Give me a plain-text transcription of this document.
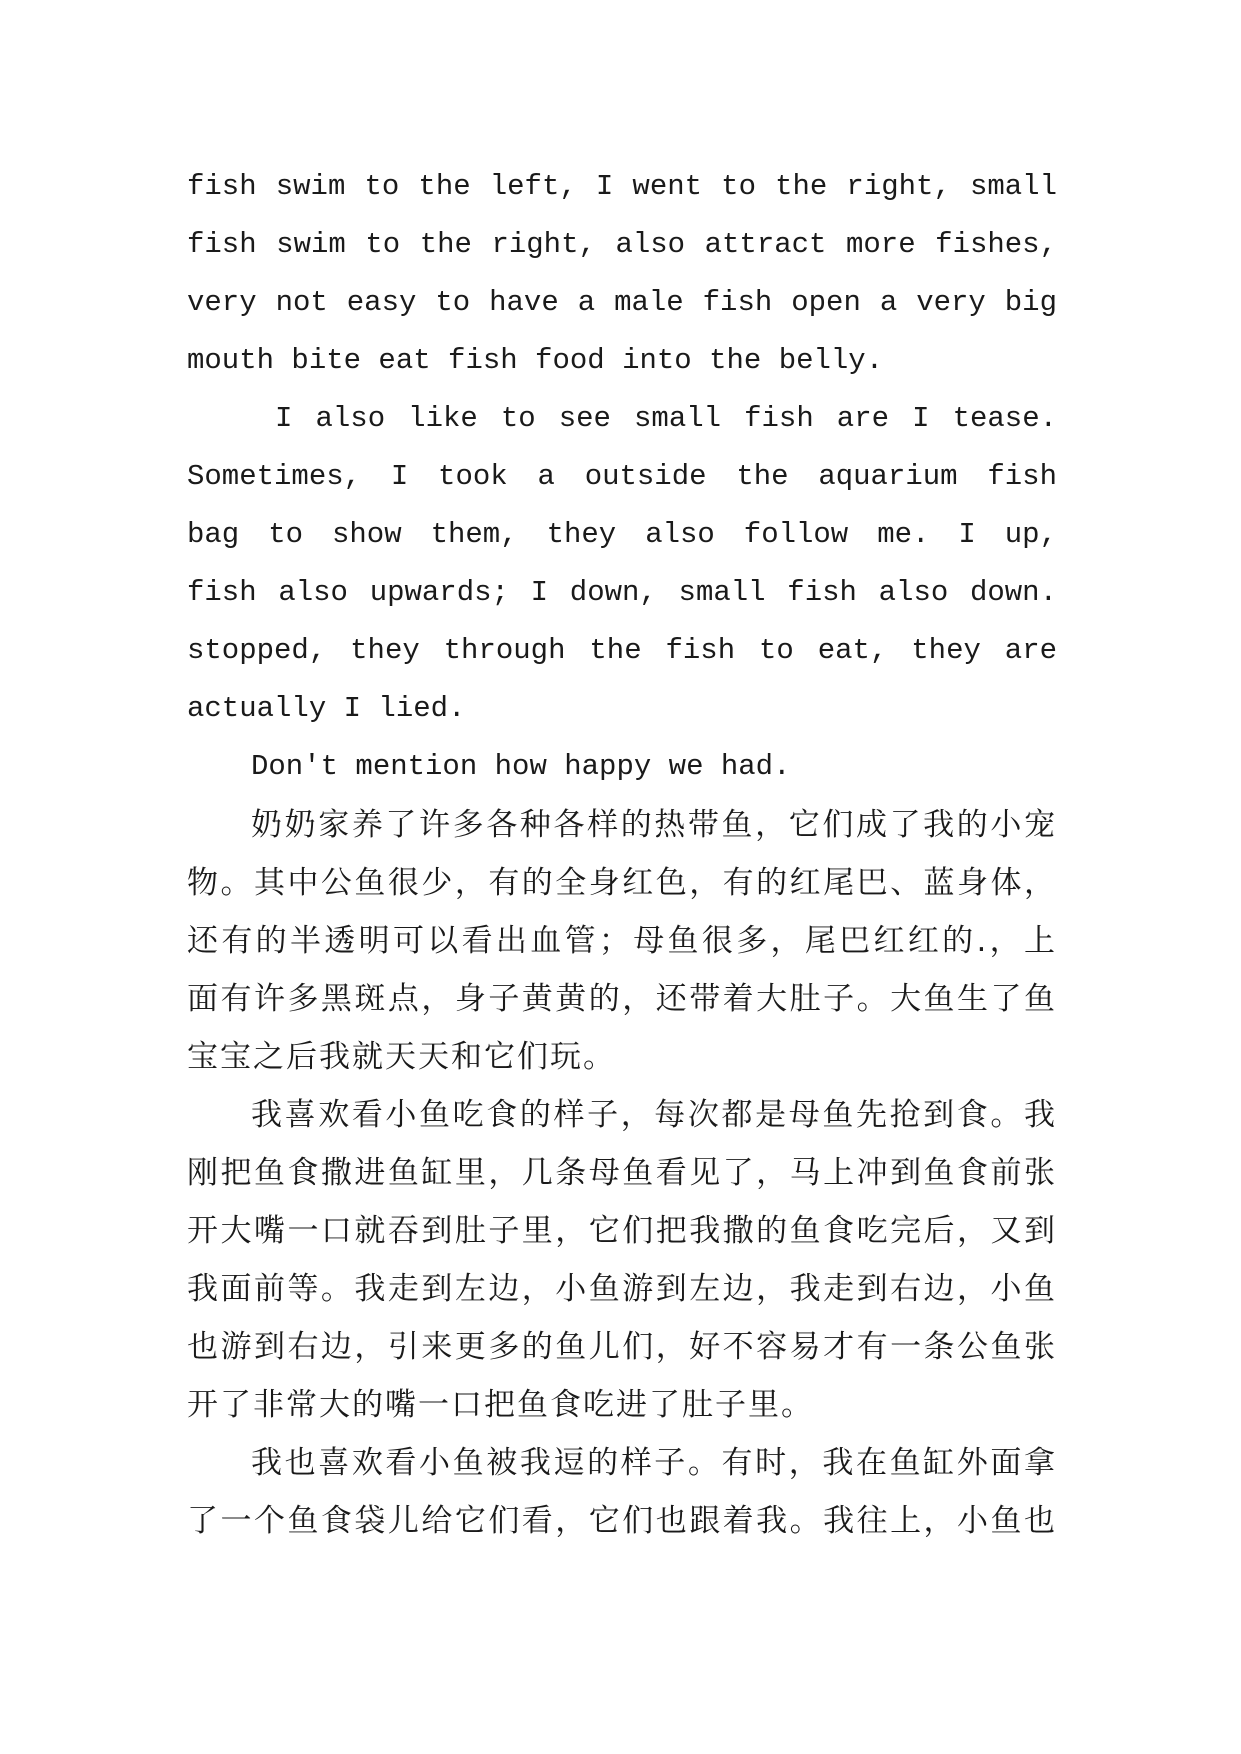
fish swim to the left, I went to the right, small
fish swim to the right, also attract more fishes,
very not easy to have a male fish open a very big
mouth bite eat fish food into the belly.
I also like to see small fish are I tease.
Sometimes, I took a outside the aquarium fish
bag to show them, they also follow me. I up,
fish also upwards; I down, small fish also down.
stopped, they through the fish to eat, they are
actually I lied.
Don't mention how happy we had.
奶奶家养了许多各种各样的热带鱼，它们成了我的小宠
物。其中公鱼很少，有的全身红色，有的红尾巴、蓝身体，
还有的半透明可以看出血管；母鱼很多，尾巴红红的.，上
面有许多黑斑点，身子黄黄的，还带着大肚子。大鱼生了鱼
宝宝之后我就天天和它们玩。
我喜欢看小鱼吃食的样子，每次都是母鱼先抢到食。我
刚把鱼食撒进鱼缸里，几条母鱼看见了，马上冲到鱼食前张
开大嘴一口就吞到肚子里，它们把我撒的鱼食吃完后，又到
我面前等。我走到左边，小鱼游到左边，我走到右边，小鱼
也游到右边，引来更多的鱼儿们，好不容易才有一条公鱼张
开了非常大的嘴一口把鱼食吃进了肚子里。
我也喜欢看小鱼被我逗的样子。有时，我在鱼缸外面拿
了一个鱼食袋儿给它们看，它们也跟着我。我往上，小鱼也
